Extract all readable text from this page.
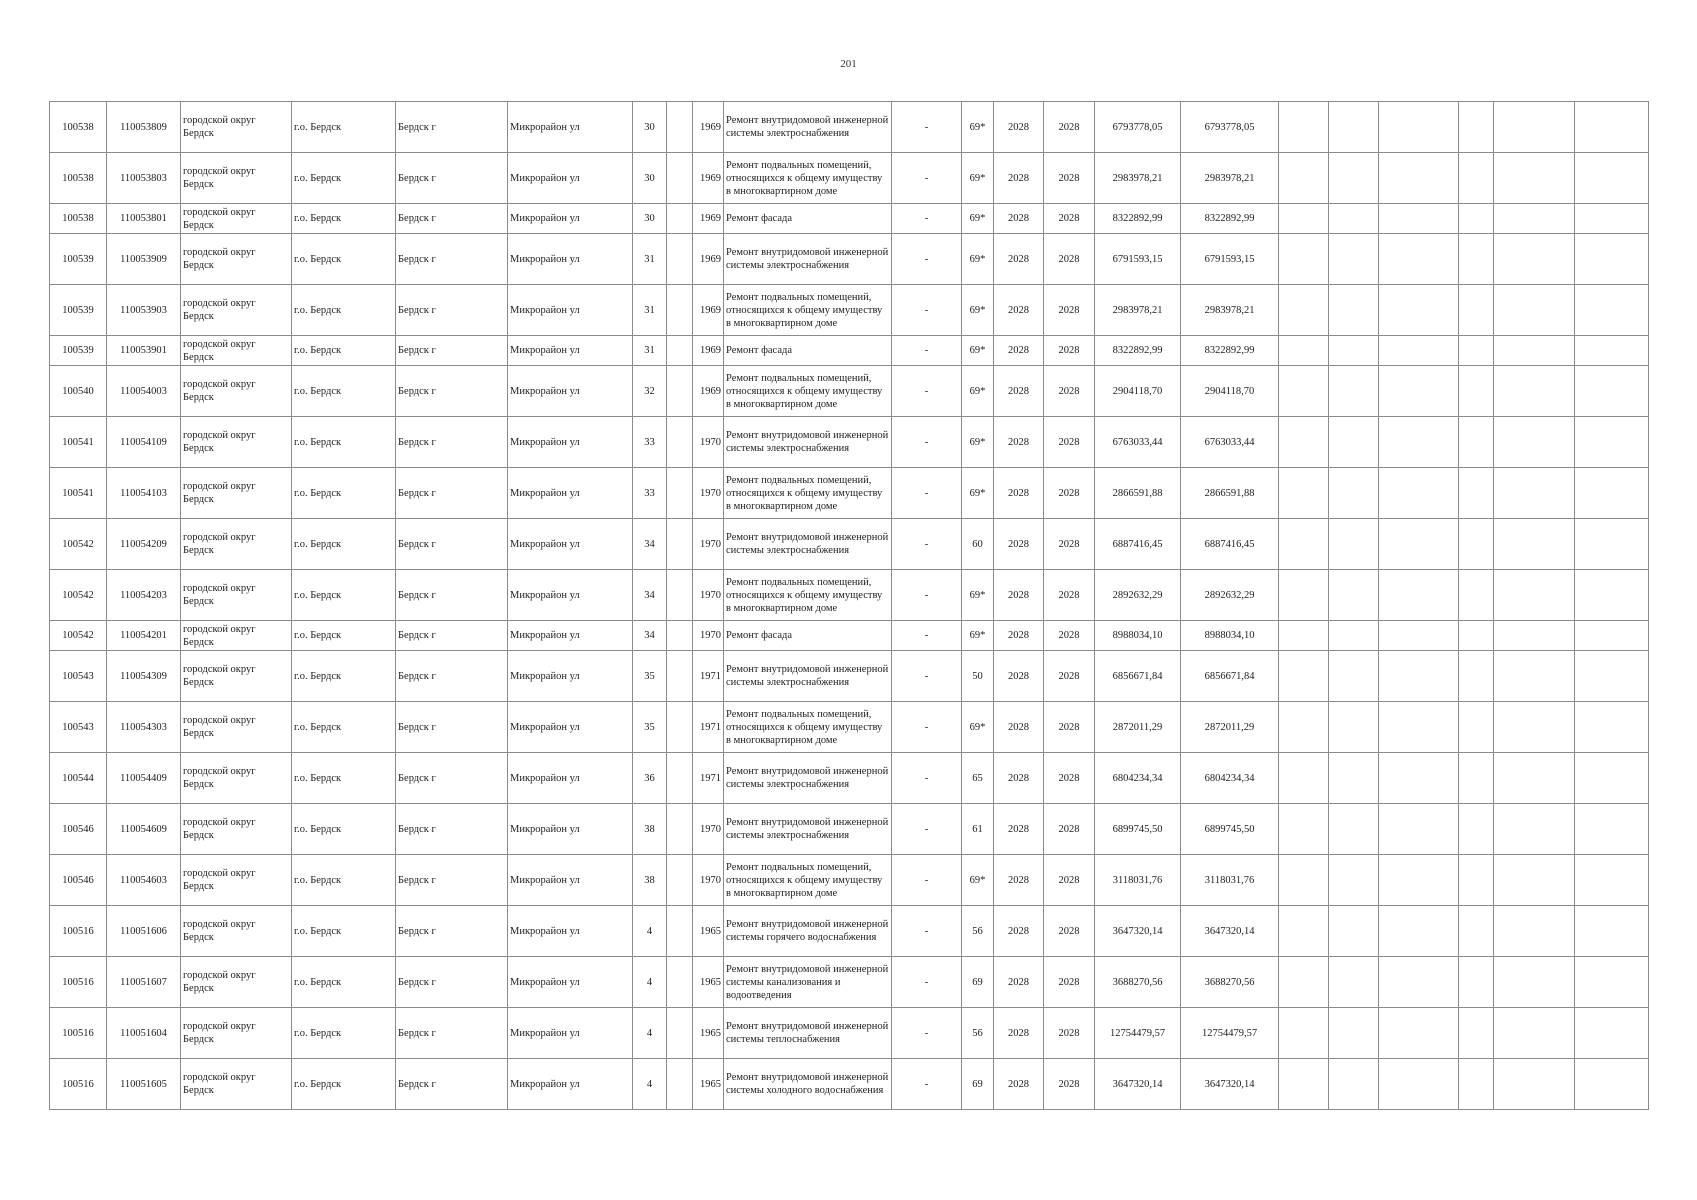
201
100538	110053809	городской округ Бердск	г.о. Бердск	Бердск г	Микрорайон ул	30		1969	Ремонт внутридомовой инженерной системы электроснабжения	-	69*	2028	2028	6793778,05	6793778,05						
100538	110053803	городской округ Бердск	г.о. Бердск	Бердск г	Микрорайон ул	30		1969	Ремонт подвальных помещений, относящихся к общему имуществу в многоквартирном доме	-	69*	2028	2028	2983978,21	2983978,21						
100538	110053801	городской округ Бердск	г.о. Бердск	Бердск г	Микрорайон ул	30		1969	Ремонт фасада	-	69*	2028	2028	8322892,99	8322892,99						
100539	110053909	городской округ Бердск	г.о. Бердск	Бердск г	Микрорайон ул	31		1969	Ремонт внутридомовой инженерной системы электроснабжения	-	69*	2028	2028	6791593,15	6791593,15						
100539	110053903	городской округ Бердск	г.о. Бердск	Бердск г	Микрорайон ул	31		1969	Ремонт подвальных помещений, относящихся к общему имуществу в многоквартирном доме	-	69*	2028	2028	2983978,21	2983978,21						
100539	110053901	городской округ Бердск	г.о. Бердск	Бердск г	Микрорайон ул	31		1969	Ремонт фасада	-	69*	2028	2028	8322892,99	8322892,99						
100540	110054003	городской округ Бердск	г.о. Бердск	Бердск г	Микрорайон ул	32		1969	Ремонт подвальных помещений, относящихся к общему имуществу в многоквартирном доме	-	69*	2028	2028	2904118,70	2904118,70						
100541	110054109	городской округ Бердск	г.о. Бердск	Бердск г	Микрорайон ул	33		1970	Ремонт внутридомовой инженерной системы электроснабжения	-	69*	2028	2028	6763033,44	6763033,44						
100541	110054103	городской округ Бердск	г.о. Бердск	Бердск г	Микрорайон ул	33		1970	Ремонт подвальных помещений, относящихся к общему имуществу в многоквартирном доме	-	69*	2028	2028	2866591,88	2866591,88						
100542	110054209	городской округ Бердск	г.о. Бердск	Бердск г	Микрорайон ул	34		1970	Ремонт внутридомовой инженерной системы электроснабжения	-	60	2028	2028	6887416,45	6887416,45						
100542	110054203	городской округ Бердск	г.о. Бердск	Бердск г	Микрорайон ул	34		1970	Ремонт подвальных помещений, относящихся к общему имуществу в многоквартирном доме	-	69*	2028	2028	2892632,29	2892632,29						
100542	110054201	городской округ Бердск	г.о. Бердск	Бердск г	Микрорайон ул	34		1970	Ремонт фасада	-	69*	2028	2028	8988034,10	8988034,10						
100543	110054309	городской округ Бердск	г.о. Бердск	Бердск г	Микрорайон ул	35		1971	Ремонт внутридомовой инженерной системы электроснабжения	-	50	2028	2028	6856671,84	6856671,84						
100543	110054303	городской округ Бердск	г.о. Бердск	Бердск г	Микрорайон ул	35		1971	Ремонт подвальных помещений, относящихся к общему имуществу в многоквартирном доме	-	69*	2028	2028	2872011,29	2872011,29						
100544	110054409	городской округ Бердск	г.о. Бердск	Бердск г	Микрорайон ул	36		1971	Ремонт внутридомовой инженерной системы электроснабжения	-	65	2028	2028	6804234,34	6804234,34						
100546	110054609	городской округ Бердск	г.о. Бердск	Бердск г	Микрорайон ул	38		1970	Ремонт внутридомовой инженерной системы электроснабжения	-	61	2028	2028	6899745,50	6899745,50						
100546	110054603	городской округ Бердск	г.о. Бердск	Бердск г	Микрорайон ул	38		1970	Ремонт подвальных помещений, относящихся к общему имуществу в многоквартирном доме	-	69*	2028	2028	3118031,76	3118031,76						
100516	110051606	городской округ Бердск	г.о. Бердск	Бердск г	Микрорайон ул	4		1965	Ремонт внутридомовой инженерной системы горячего водоснабжения	-	56	2028	2028	3647320,14	3647320,14						
100516	110051607	городской округ Бердск	г.о. Бердск	Бердск г	Микрорайон ул	4		1965	Ремонт внутридомовой инженерной системы канализования и водоотведения	-	69	2028	2028	3688270,56	3688270,56						
100516	110051604	городской округ Бердск	г.о. Бердск	Бердск г	Микрорайон ул	4		1965	Ремонт внутридомовой инженерной системы теплоснабжения	-	56	2028	2028	12754479,57	12754479,57						
100516	110051605	городской округ Бердск	г.о. Бердск	Бердск г	Микрорайон ул	4		1965	Ремонт внутридомовой инженерной системы холодного водоснабжения	-	69	2028	2028	3647320,14	3647320,14						
